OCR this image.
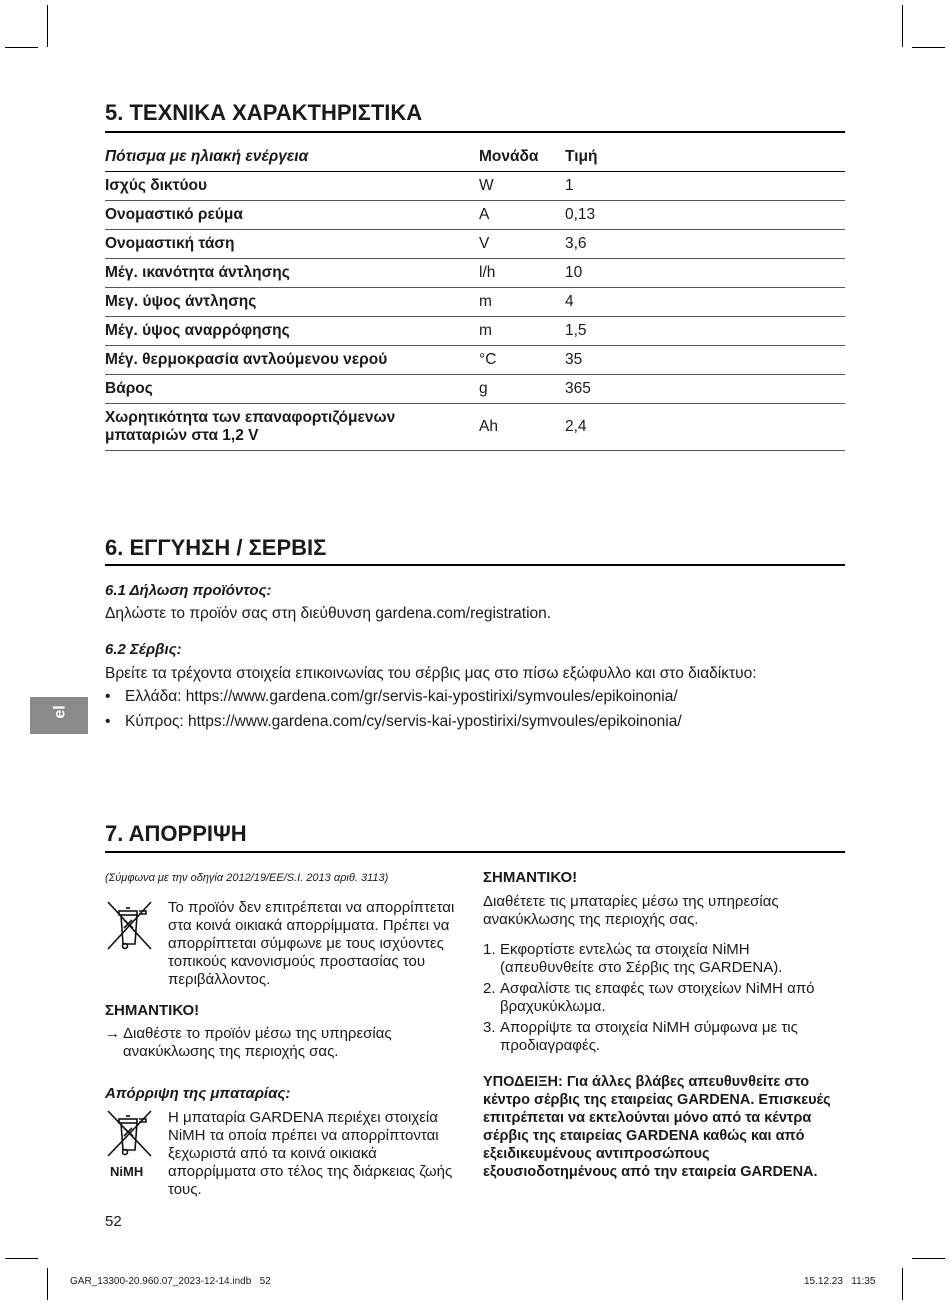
5. ΤΕΧΝΙΚΑ ΧΑΡΑΚΤΗΡΙΣΤΙΚΑ
Πότισμα με ηλιακή ενέργεια	Μονάδα	Τιμή
Ισχύς δικτύου	W	1
Ονομαστικό ρεύμα	A	0,13
Ονομαστική τάση	V	3,6
Μέγ. ικανότητα άντλησης	l/h	10
Μεγ. ύψος άντλησης	m	4
Μέγ. ύψος αναρρόφησης	m	1,5
Μέγ. θερμοκρασία αντλούμενου νερού	°C	35
Βάρος	g	365
Χωρητικότητα των επαναφορτιζόμενων μπαταριών στα 1,2 V	Ah	2,4
6. ΕΓΓΥΗΣΗ / ΣΕΡΒΙΣ
6.1 Δήλωση προϊόντος:
Δηλώστε το προϊόν σας στη διεύθυνση gardena.com/registration.
6.2 Σέρβις:
Βρείτε τα τρέχοντα στοιχεία επικοινωνίας του σέρβις μας στο πίσω εξώφυλλο και στο διαδίκτυο:
• Ελλάδα: https://www.gardena.com/gr/servis-kai-ypostirixi/symvoules/epikoinonia/
• Κύπρος: https://www.gardena.com/cy/servis-kai-ypostirixi/symvoules/epikoinonia/
el
7. ΑΠΟΡΡΙΨΗ
(Σύμφωνα με την οδηγία 2012/19/EE/S.I. 2013 αριθ. 3113)
Το προϊόν δεν επιτρέπεται να απορρίπτεται στα κοινά οικιακά απορρίμματα. Πρέπει να απορρίπτεται σύμφωνε με τους ισχύοντες τοπικούς κανονισμούς προστασίας του περιβάλλοντος.
ΣΗΜΑΝΤΙΚΟ!
→ Διαθέστε το προϊόν μέσω της υπηρεσίας ανακύκλωσης της περιοχής σας.
Απόρριψη της μπαταρίας:
NiMH
Η μπαταρία GARDENA περιέχει στοιχεία NiMH τα οποία πρέπει να απορρίπτονται ξεχωριστά από τα κοινά οικιακά απορρίμματα στο τέλος της διάρκειας ζωής τους.
ΣΗΜΑΝΤΙΚΟ!
Διαθέτετε τις μπαταρίες μέσω της υπηρεσίας ανακύκλωσης της περιοχής σας.
1. Εκφορτίστε εντελώς τα στοιχεία NiMH (απευθυνθείτε στο Σέρβις της GARDENA).
2. Ασφαλίστε τις επαφές των στοιχείων NiMH από βραχυκύκλωμα.
3. Απορρίψτε τα στοιχεία NiMH σύμφωνα με τις προδιαγραφές.
ΥΠΟΔΕΙΞΗ: Για άλλες βλάβες απευθυνθείτε στο κέντρο σέρβις της εταιρείας GARDENA. Επισκευές επιτρέπεται να εκτελούνται μόνο από τα κέντρα σέρβις της εταιρείας GARDENA καθώς και από εξειδικευμένους αντιπροσώπους εξουσιοδοτημένους από την εταιρεία GARDENA.
52
GAR_13300-20.960.07_2023-12-14.indb   52	15.12.23   11:35
